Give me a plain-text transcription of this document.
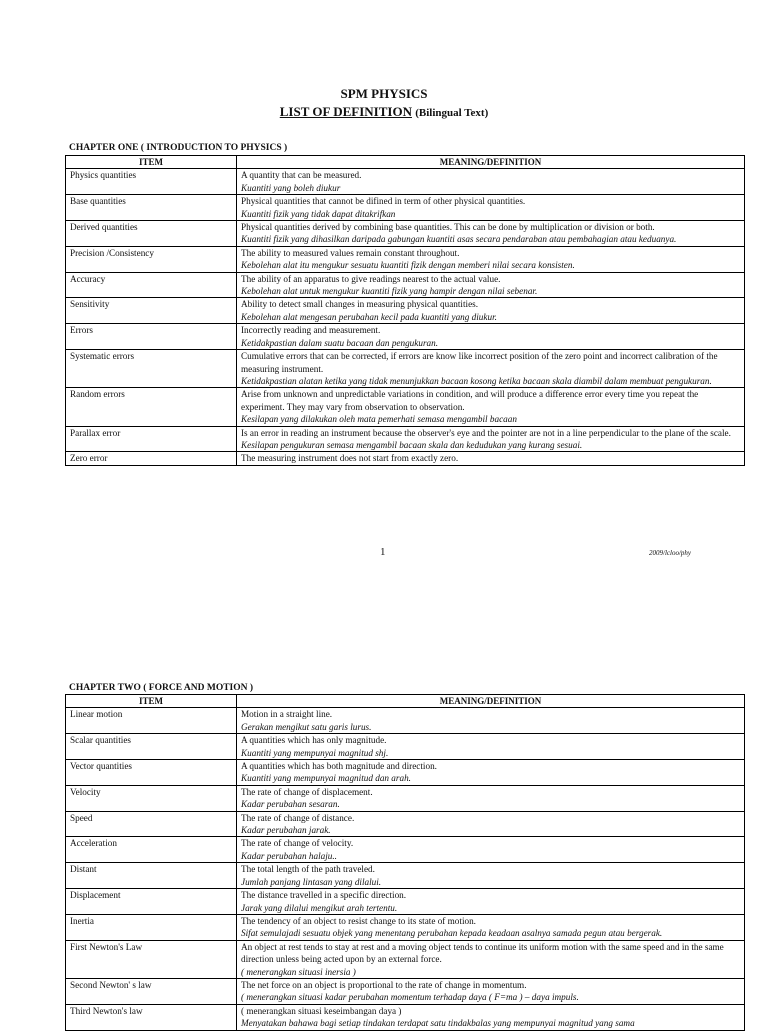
SPM PHYSICS
LIST OF DEFINITION (Bilingual Text)
CHAPTER ONE ( INTRODUCTION TO PHYSICS )
ITEM	MEANING/DEFINITION
Physics quantities	A quantity that can be measured.
Kuantiti yang boleh diukur

Base quantities	Physical quantities that cannot be difined in term of other physical quantities.
Kuantiti fizik yang tidak dapat ditakrifkan

Derived quantities	Physical quantities derived by combining base quantities. This can be done by multiplication or division or both.
Kuantiti fizik yang dihasilkan daripada gabungan kuantiti asas secara pendaraban atau pembahagian atau keduanya.

Precision /Consistency	The ability to measured values remain constant throughout.
Kebolehan alat itu mengukur sesuatu kuantiti fizik dengan memberi nilai secara konsisten.

Accuracy	The ability of an apparatus to give readings nearest to the actual value.
Kebolehan alat untuk mengukur kuantiti fizik yang hampir dengan nilai sebenar.

Sensitivity	Ability to detect small changes in measuring physical quantities.
Kebolehan alat mengesan perubahan kecil pada kuantiti yang diukur.

Errors	Incorrectly reading and measurement.
Ketidakpastian dalam suatu bacaan dan pengukuran.

Systematic errors	Cumulative errors that can be corrected, if errors are know like incorrect position of the zero point and incorrect calibration of the measuring instrument.
Ketidakpastian alatan ketika yang tidak menunjukkan bacaan kosong ketika bacaan skala diambil dalam membuat pengukuran.

Random errors	Arise from unknown and unpredictable variations in condition, and will produce a difference error every time you repeat the experiment. They may vary from observation to observation.
Kesilapan yang dilakukan oleh mata pemerhati semasa mengambil bacaan

Parallax error	Is an error in reading an instrument because the observer's eye and the pointer are not in a line perpendicular to the plane of the scale.
Kesilapan pengukuran semasa mengambil bacaan skala dan kedudukan yang kurang sesuai.

Zero error	The measuring instrument does not start from exactly zero.
1	2009/lcloo/phy
CHAPTER TWO ( FORCE AND MOTION )
ITEM	MEANING/DEFINITION
Linear motion	Motion in a straight line.
Gerakan mengikut satu garis lurus.

Scalar quantities	A quantities which has only magnitude.
Kuantiti yang mempunyai magnitud shj.

Vector quantities	A quantities which has both magnitude and direction.
Kuantiti yang mempunyai magnitud dan arah.

Velocity	The rate of change of displacement.
Kadar perubahan sesaran.

Speed	The rate of change of distance.
Kadar perubahan jarak.

Acceleration	The rate of change of velocity.
Kadar perubahan halaju..

Distant	The total length of the path traveled.
Jumlah panjang lintasan yang dilalui.

Displacement	The distance travelled in a specific direction.
Jarak yang dilalui mengikut arah tertentu.

Inertia	The tendency of an object to resist change to its state of motion.
Sifat semulajadi sesuatu objek yang menentang perubahan kepada keadaan asalnya samada pegun atau bergerak.

First Newton's Law	An object at rest tends to stay at rest and a moving object tends to continue its uniform motion with the same speed and in the same direction unless being acted upon by an external force.
( menerangkan situasi inersia )

Second Newton' s law	The net force on an object is proportional to the rate of change in momentum.
( menerangkan situasi kadar perubahan momentum terhadap daya ( F=ma ) – daya impuls.

Third Newton's law	( menerangkan situasi keseimbangan daya )
Menyatakan bahawa bagi setiap tindakan terdapat satu tindakbalas yang mempunyai magnitud yang sama
